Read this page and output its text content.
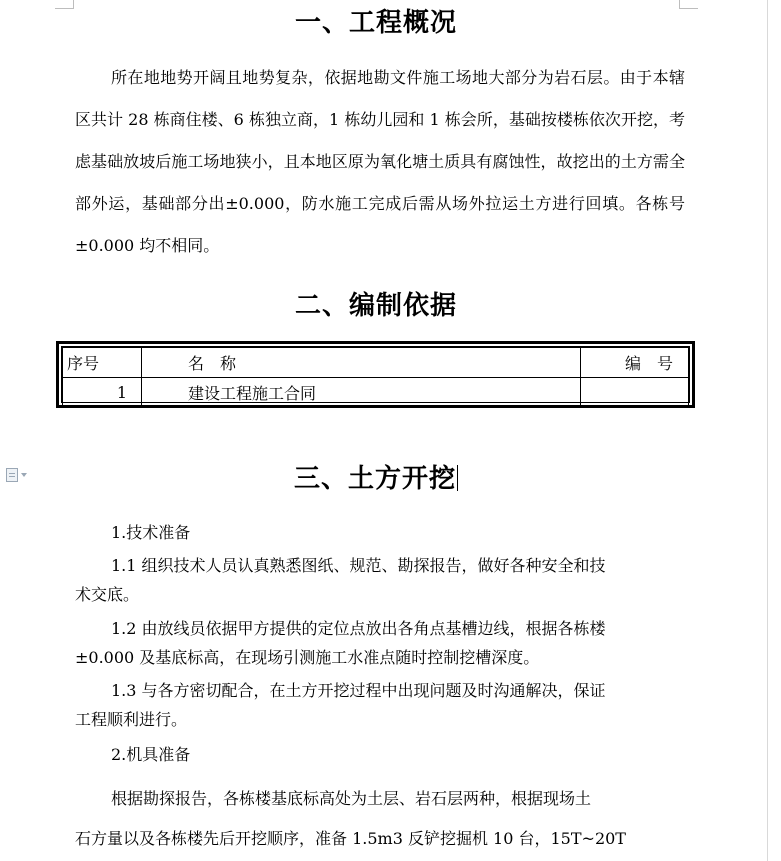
一、工程概况
所在地地势开阔且地势复杂，依据地勘文件施工场地大部分为岩石层。由于本辖区共计 28 栋商住楼、6 栋独立商，1 栋幼儿园和 1 栋会所，基础按楼栋依次开挖，考虑基础放坡后施工场地狭小，且本地区原为氧化塘土质具有腐蚀性，故挖出的土方需全部外运，基础部分出±0.000，防水施工完成后需从场外拉运土方进行回填。各栋号±0.000 均不相同。
二、编制依据
序号	名　称	编　号
1	建设工程施工合同	
三、土方开挖
1.技术准备
1.1 组织技术人员认真熟悉图纸、规范、勘探报告，做好各种安全和技
术交底。
1.2 由放线员依据甲方提供的定位点放出各角点基槽边线，根据各栋楼
±0.000 及基底标高，在现场引测施工水准点随时控制挖槽深度。
1.3 与各方密切配合，在土方开挖过程中出现问题及时沟通解决，保证
工程顺利进行。
2.机具准备
根据勘探报告，各栋楼基底标高处为土层、岩石层两种，根据现场土
石方量以及各栋楼先后开挖顺序，准备 1.5m3 反铲挖掘机 10 台，15T~20T
